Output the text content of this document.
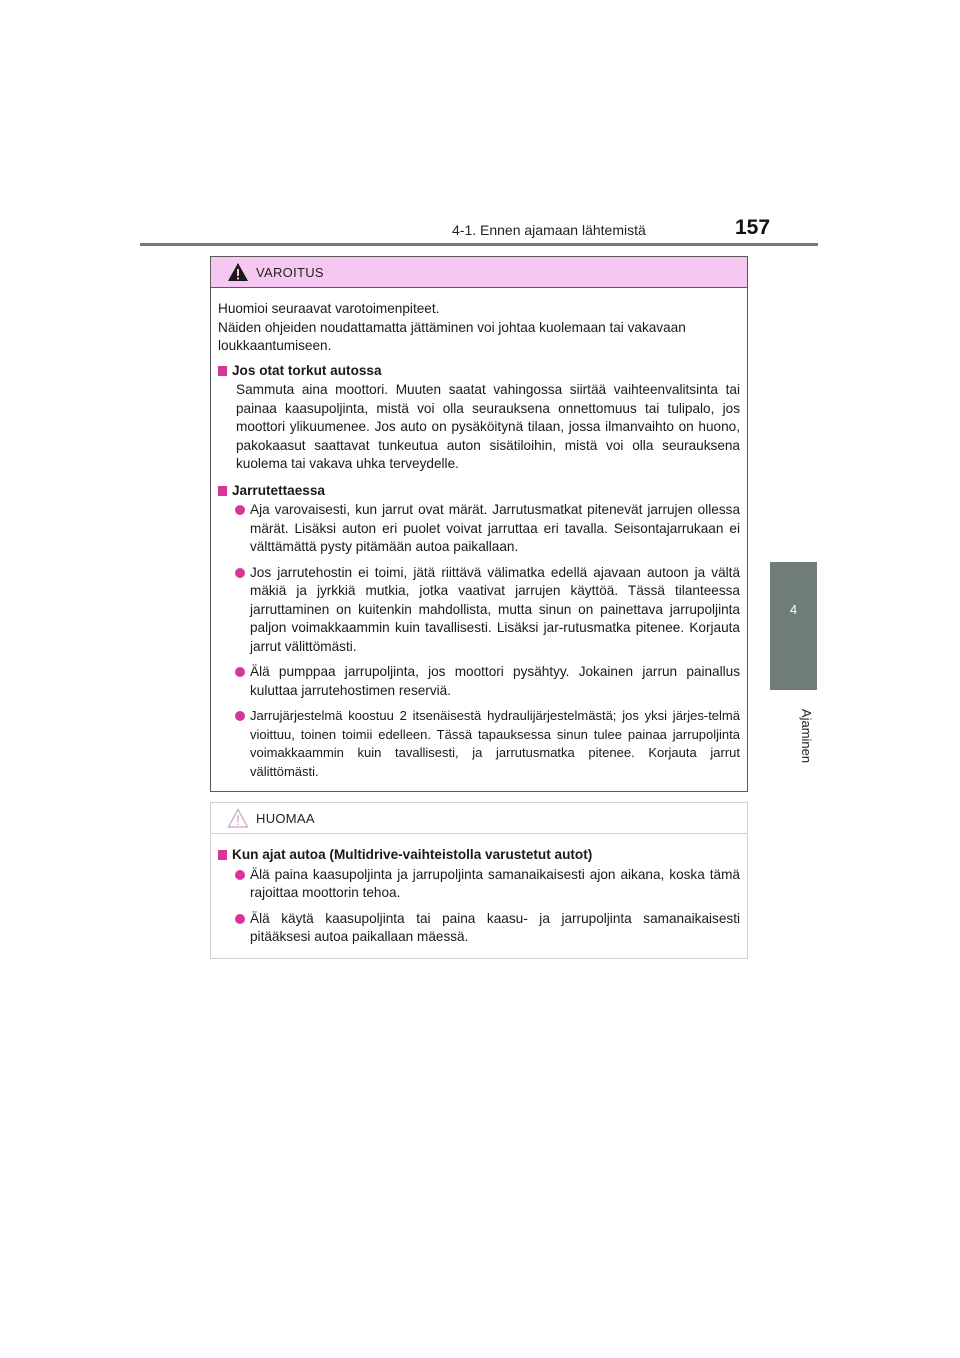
4-1. Ennen ajamaan lähtemistä	157
4
Ajaminen
VAROITUS

Huomioi seuraavat varotoimenpiteet.
Näiden ohjeiden noudattamatta jättäminen voi johtaa kuolemaan tai vakavaan loukkaantumiseen.

Jos otat torkut autossa

Sammuta aina moottori. Muuten saatat vahingossa siirtää vaihteenvalitsinta tai painaa kaasupoljinta, mistä voi olla seurauksena onnettomuus tai tulipalo, jos moottori ylikuumenee. Jos auto on pysäköitynä tilaan, jossa ilmanvaihto on huono, pakokaasut saattavat tunkeutua auton sisätiloihin, mistä voi olla seurauksena kuolema tai vakava uhka terveydelle.

Jarrutettaessa
Aja varovaisesti, kun jarrut ovat märät. Jarrutusmatkat pitenevät jarrujen ollessa märät. Lisäksi auton eri puolet voivat jarruttaa eri tavalla. Seisontajarrukaan ei välttämättä pysty pitämään autoa paikallaan.
Jos jarrutehostin ei toimi, jätä riittävä välimatka edellä ajavaan autoon ja vältä mäkiä ja jyrkkiä mutkia, jotka vaativat jarrujen käyttöä. Tässä tilanteessa jarruttaminen on kuitenkin mahdollista, mutta sinun on painettava jarrupoljinta paljon voimakkaammin kuin tavallisesti. Lisäksi jar-rutusmatka pitenee. Korjauta jarrut välittömästi.
Älä pumppaa jarrupoljinta, jos moottori pysähtyy. Jokainen jarrun painallus kuluttaa jarrutehostimen reserviä.
Jarrujärjestelmä koostuu 2 itsenäisestä hydraulijärjestelmästä; jos yksi järjes-telmä vioittuu, toinen toimii edelleen. Tässä tapauksessa sinun tulee painaa jarrupoljinta voimakkaammin kuin tavallisesti, ja jarrutusmatka pitenee. Korjauta jarrut välittömästi.
HUOMAA
Kun ajat autoa (Multidrive-vaihteistolla varustetut autot)
Älä paina kaasupoljinta ja jarrupoljinta samanaikaisesti ajon aikana, koska tämä rajoittaa moottorin tehoa.
Älä käytä kaasupoljinta tai paina kaasu- ja jarrupoljinta samanaikaisesti pitääksesi autoa paikallaan mäessä.
